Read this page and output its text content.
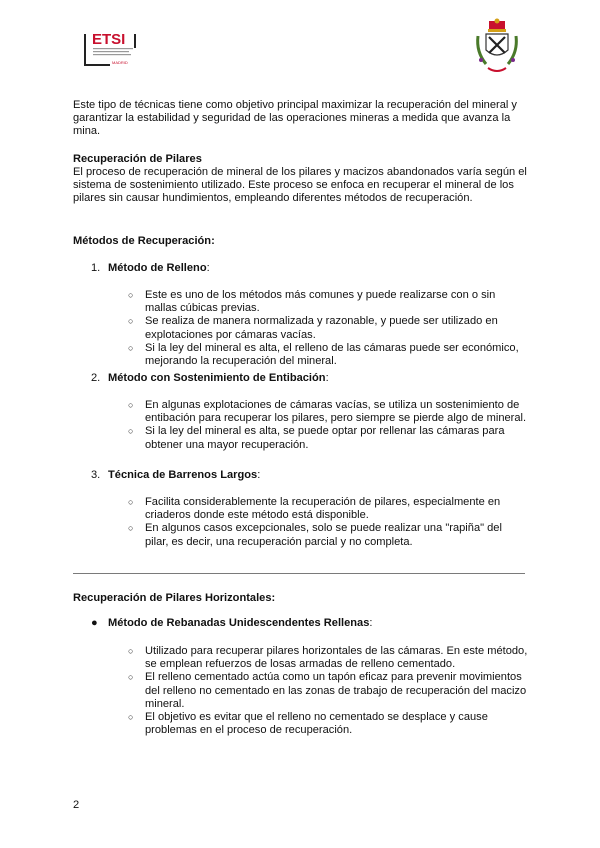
ETSI
MADRID
Este tipo de técnicas tiene como objetivo principal maximizar la recuperación del mineral y garantizar la estabilidad y seguridad de las operaciones mineras a medida que avanza la mina.
Recuperación de Pilares
El proceso de recuperación de mineral de los pilares y macizos abandonados varía según el sistema de sostenimiento utilizado. Este proceso se enfoca en recuperar el mineral de los pilares sin causar hundimientos, empleando diferentes métodos de recuperación.
Métodos de Recuperación:
1. Método de Relleno:
○ Este es uno de los métodos más comunes y puede realizarse con o sin mallas cúbicas previas.
○ Se realiza de manera normalizada y razonable, y puede ser utilizado en explotaciones por cámaras vacías.
○ Si la ley del mineral es alta, el relleno de las cámaras puede ser económico, mejorando la recuperación del mineral.
2. Método con Sostenimiento de Entibación:
○ En algunas explotaciones de cámaras vacías, se utiliza un sostenimiento de entibación para recuperar los pilares, pero siempre se pierde algo de mineral.
○ Si la ley del mineral es alta, se puede optar por rellenar las cámaras para obtener una mayor recuperación.
3. Técnica de Barrenos Largos:
○ Facilita considerablemente la recuperación de pilares, especialmente en criaderos donde este método está disponible.
○ En algunos casos excepcionales, solo se puede realizar una "rapiña" del pilar, es decir, una recuperación parcial y no completa.
Recuperación de Pilares Horizontales:
● Método de Rebanadas Unidescendentes Rellenas:
○ Utilizado para recuperar pilares horizontales de las cámaras. En este método, se emplean refuerzos de losas armadas de relleno cementado.
○ El relleno cementado actúa como un tapón eficaz para prevenir movimientos del relleno no cementado en las zonas de trabajo de recuperación del macizo mineral.
○ El objetivo es evitar que el relleno no cementado se desplace y cause problemas en el proceso de recuperación.
2
